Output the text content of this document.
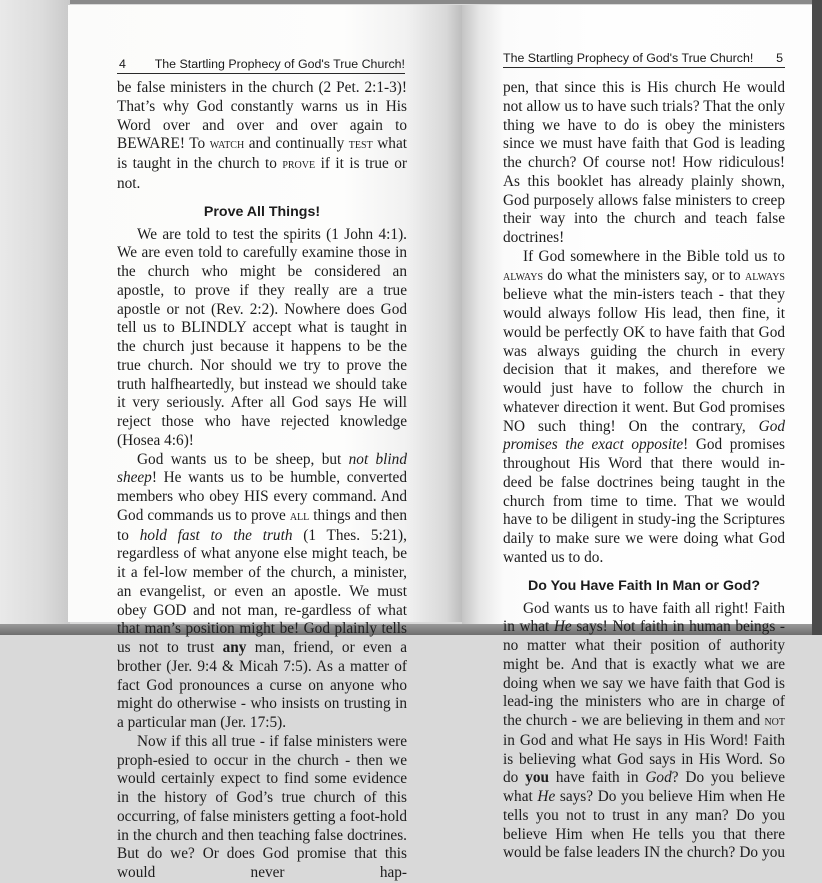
4 The Startling Prophecy of God's True Church!

be false ministers in the church (2 Pet. 2:1-3)! That’s why God constantly warns us in His Word over and over and over again to BEWARE! To watch and continually test what is taught in the church to prove if it is true or not.

Prove All Things!

We are told to test the spirits (1 John 4:1). We are even told to carefully examine those in the church who might be considered an apostle, to prove if they really are a true apostle or not (Rev. 2:2). Nowhere does God tell us to BLINDLY accept what is taught in the church just because it happens to be the true church. Nor should we try to prove the truth halfheartedly, but instead we should take it very seriously. After all God says He will reject those who have rejected knowledge (Hosea 4:6)!

God wants us to be sheep, but not blind sheep! He wants us to be humble, converted members who obey HIS every command. And God commands us to prove all things and then to hold fast to the truth (1 Thes. 5:21), regardless of what anyone else might teach, be it a fel-low member of the church, a minister, an evangelist, or even an apostle. We must obey GOD and not man, re-gardless of what that man’s position might be! God plainly tells us not to trust any man, friend, or even a brother (Jer. 9:4 & Micah 7:5). As a matter of fact God pronounces a curse on anyone who might do otherwise - who insists on trusting in a particular man (Jer. 17:5).

Now if this all true - if false ministers were proph-esied to occur in the church - then we would certainly expect to find some evidence in the history of God’s true church of this occurring, of false ministers getting a foot-hold in the church and then teaching false doctrines. But do we? Or does God promise that this would never hap-

The Startling Prophecy of God's True Church! 5

pen, that since this is His church He would not allow us to have such trials? That the only thing we have to do is obey the ministers since we must have faith that God is leading the church? Of course not! How ridiculous! As this booklet has already plainly shown, God purposely allows false ministers to creep their way into the church and teach false doctrines!

If God somewhere in the Bible told us to always do what the ministers say, or to always believe what the min-isters teach - that they would always follow His lead, then fine, it would be perfectly OK to have faith that God was always guiding the church in every decision that it makes, and therefore we would just have to follow the church in whatever direction it went. But God promises NO such thing! On the contrary, God promises the exact opposite! God promises throughout His Word that there would in-deed be false doctrines being taught in the church from time to time. That we would have to be diligent in study-ing the Scriptures daily to make sure we were doing what God wanted us to do.

Do You Have Faith In Man or God?

God wants us to have faith all right! Faith in what He says! Not faith in human beings - no matter what their position of authority might be. And that is exactly what we are doing when we say we have faith that God is lead-ing the ministers who are in charge of the church - we are believing in them and not in God and what He says in His Word! Faith is believing what God says in His Word. So do you have faith in God? Do you believe what He says? Do you believe Him when He tells you not to trust in any man? Do you believe Him when He tells you that there would be false leaders IN the church? Do you
